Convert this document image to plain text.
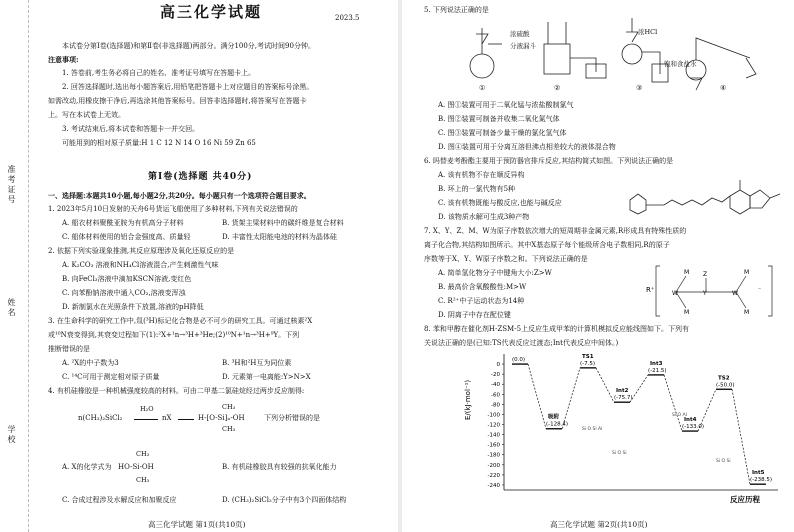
准考证号
姓名
学校
高三化学试题	2023.5
本试卷分第Ⅰ卷(选择题)和第Ⅱ卷(非选择题)两部分。满分100分,考试时间90分钟。
注意事项:
1. 答卷前,考生务必将自己的姓名、准考证号填写在答题卡上。
2. 回答选择题时,选出每小题答案后,用铅笔把答题卡上对应题目的答案标号涂黑。
如需改动,用橡皮擦干净后,再选涂其他答案标号。回答非选择题时,将答案写在答题卡
上。写在本试卷上无效。
3. 考试结束后,将本试卷和答题卡一并交回。
可能用到的相对原子质量:H 1 C 12 N 14 O 16 Ni 59 Zn 65
第Ⅰ卷(选择题 共40分)
一、选择题:本题共10小题,每小题2分,共20分。每小题只有一个选项符合题目要求。
1. 2023年5月10日发射的天舟6号货运飞船使用了多种材料,下列有关说法错误的
A. 船衣材料聚酰亚胺为有机高分子材料	B. 货架主梁材料中的碳纤维是复合材料
C. 船体材料使用的铝合金强度高、质量轻	D. 丰富性太阳能电池的材料为晶体硅
2. 依据下列实验现象推测,其反应原理涉及氧化还原反应的是
A. K₂CO₃ 溶液和NH₄Cl溶液混合,产生刺激性气味
B. 向FeCl₃溶液中滴加KSCN溶液,变红色
C. 向苯酚钠溶液中通入CO₂,溶液变浑浊
D. 新制氯水在光照条件下放置,溶液的pH降低
3. 在生命科学的研究工作中,氚(³H)标记化合物是必不可少的研究工具。可通过核素²X
或¹⁰N衰变得到,其衰变过程如下(1):²X+¹n→³H+³He;(2)¹⁰N+¹n→³H+⁹Y。下列
推断错误的是
A. ²X的中子数为3	B. ³H和²H互为同位素
C. ¹⁴C可用于测定相对原子质量	D. 元素第一电离能:Y>N>X
4. 有机硅橡胶是一种机械强度较高的材料。可由二甲基二氯硅烷经过两步反应制得:
n(CH₃)₂SiCl₂
H₂O
nX	H-[O-Si]ₙ-OH
CH₃
CH₃
下列分析错误的是
A. X的化学式为 HO-Si-OH
CH₃
CH₃
B. 有机硅橡胶具有较强的抗氧化能力
C. 合成过程涉及水解反应和加聚反应	D. (CH₃)₂SiCl₂分子中有3个四面体结构
高三化学试题 第1页(共10页)
5. 下列说法正确的是
浓硫酸
分液漏斗
饱和食盐水
浓HCl
①	②	③	④
A. 图①装置可用于二氧化锰与浓盐酸制氯气
B. 图②装置可制备并收集二氧化氮气体
C. 图③装置可制备少量干燥的氯化氢气体
D. 图④装置可用于分离互溶但沸点相差较大的液体混合物
6. 吗替麦考酚酯主要用于预防器官排斥反应,其结构简式如图。下列说法正确的是
A. 该有机物不存在顺反异构
B. 环上的一氯代物有5种
C. 该有机物既能与酸反应,也能与碱反应
D. 该物质水解可生成3种产物
7. X、Y、Z、M、W为原子序数依次增大的短周期非金属元素,R形成具有特殊性质的
离子化合物,其结构如图所示。其中X基态原子每个能级所含电子数相同,R的原子
序数等于X、Y、W原子序数之和。下列说法正确的是
A. 简单氢化物分子中键角大小:Z>W
B. 最高价含氧酸酸性:M>W
C. R²⁺中子运动状态为14种
D. 阴离子中存在配位键
R⁺	W	W
Y
Z
M
M
M
M
⁻
8. 苯和甲醇在催化剂H-ZSM-5上反应生成甲苯的计算机模拟反应能线图如下。下列有
关说法正确的是(已知:TS代表反应过渡态;Int代表反应中间体。)
0
-20
-40
-60
-80
-100
-120
-140
-160
-180
-200
-220
-240
(0.0)
(-128.4)
吸附
(-7.5)
TS1
(-75.7)
Int2
(-21.5)
Int3
(-133.0)
Int4
(-50.0)
TS2
(-238.5)
Int5
E/(kJ·mol⁻¹)
反应历程
Si O Si Al
Si O Si
Si O Al
Si O Si
高三化学试题 第2页(共10页)
